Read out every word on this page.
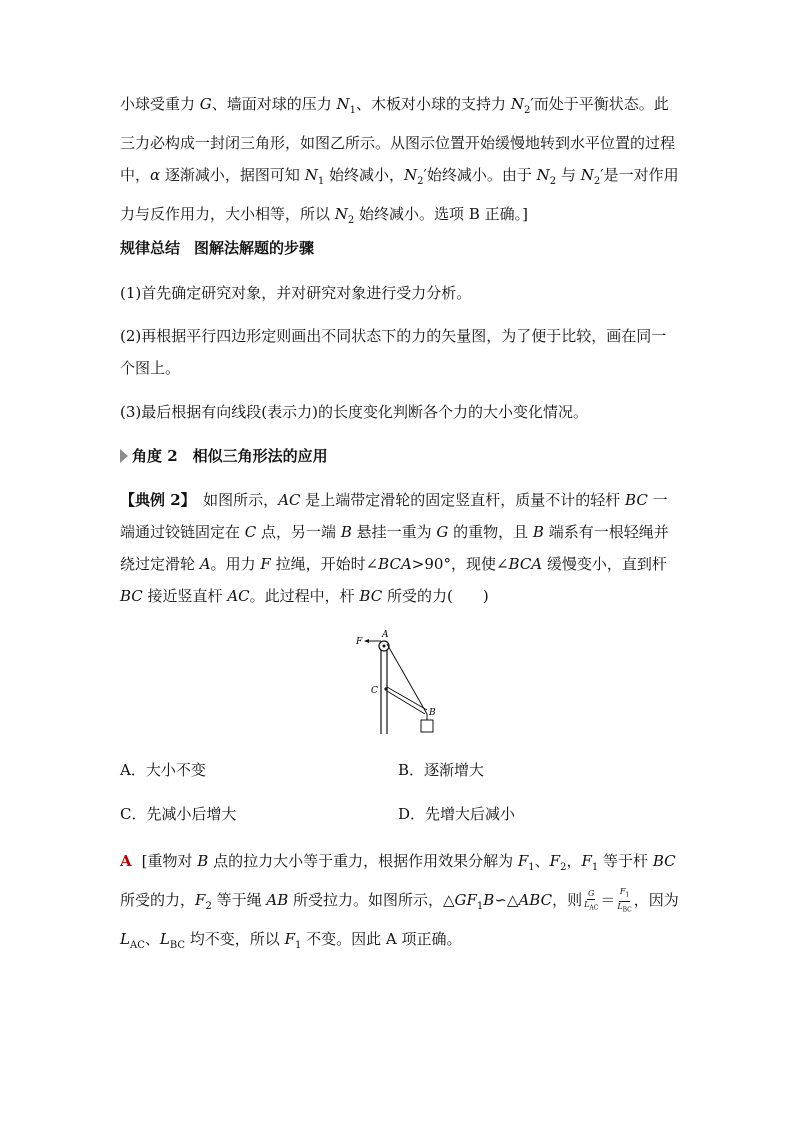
小球受重力 G、墙面对球的压力 $N_1$、木板对小球的支持力 $N_2'$而处于平衡状态。此三力必构成一封闭三角形，如图乙所示。从图示位置开始缓慢地转到水平位置的过程中，α 逐渐减小，据图可知 $N_1$ 始终减小，$N_2'$始终减小。由于 $N_2$ 与 $N_2'$是一对作用力与反作用力，大小相等，所以 $N_2$ 始终减小。选项 B 正确。]
规律总结 图解法解题的步骤
(1)首先确定研究对象，并对研究对象进行受力分析。
(2)再根据平行四边形定则画出不同状态下的力的矢量图，为了便于比较，画在同一个图上。
(3)最后根据有向线段(表示力)的长度变化判断各个力的大小变化情况。
角度 2　相似三角形法的应用
【典例 2】　如图所示，AC 是上端带定滑轮的固定竖直杆，质量不计的轻杆 BC 一端通过铰链固定在 C 点，另一端 B 悬挂一重为 G 的重物，且 B 端系有一根轻绳并绕过定滑轮 A。用力 F 拉绳，开始时∠BCA>90°，现使∠BCA 缓慢变小，直到杆 BC 接近竖直杆 AC。此过程中，杆 BC 所受的力(　　)
F
A
C
B
A．大小不变	B．逐渐增大
C．先减小后增大	D．先增大后减小
A [重物对 B 点的拉力大小等于重力，根据作用效果分解为 $F_1$、$F_2$，$F_1$ 等于杆 BC 所受的力，$F_2$ 等于绳 AB 所受拉力。如图所示，$\triangle GF_1B∽\triangle ABC$，则 $\frac{G}{L_{AC}} = \frac{F_1}{L_{BC}}$ ，因为 $L_{AC}$、$L_{BC}$ 均不变，所以 $F_1$ 不变。因此 A 项正确。
